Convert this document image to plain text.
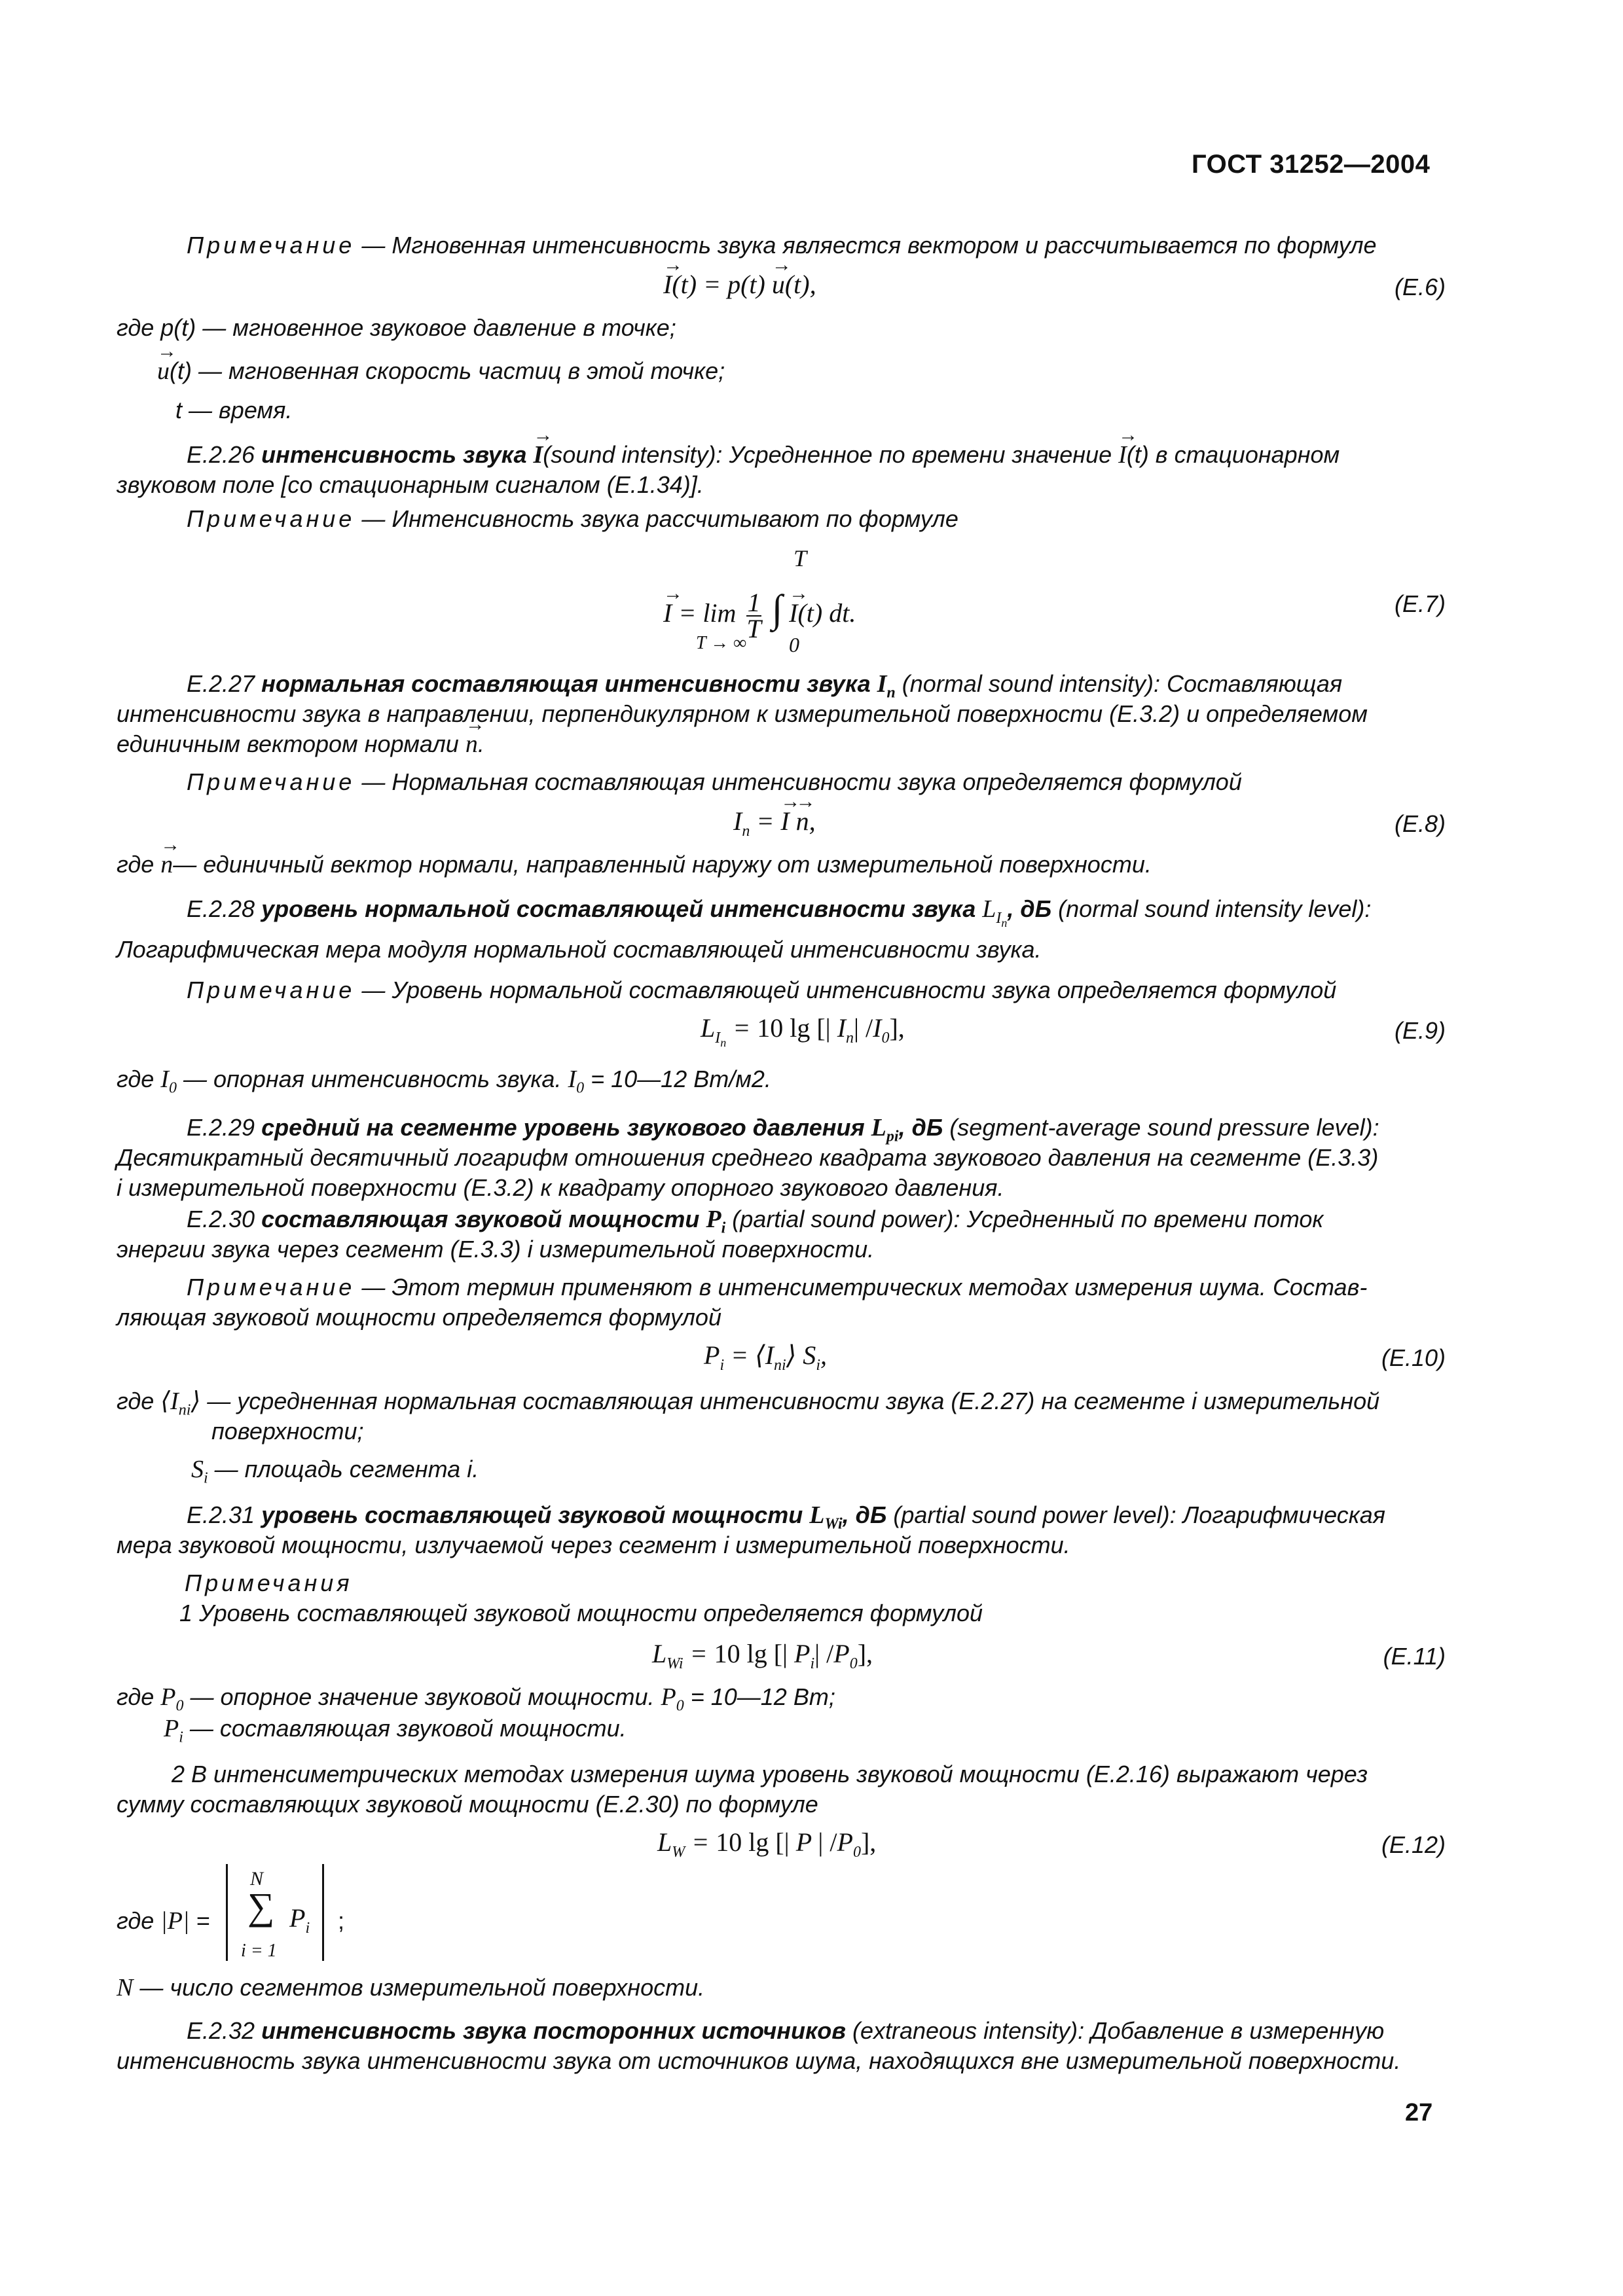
ГОСТ 31252—2004
Примечание — Мгновенная интенсивность звука являестся вектором и рассчитывается по формуле
→ I(t) = p(t) → u(t),	(E.6)
где p(t) — мгновенное звуковое давление в точке;
→ u(t) — мгновенная скорость частиц в этой точке;
t — время.
E.2.26 интенсивность звука → I(sound intensity): Усредненное по времени значение → I(t) в стационарном
звуковом поле [со стационарным сигналом (E.1.34)].
Примечание — Интенсивность звука рассчитывают по формуле
T
→ $I = \lim \frac{1}{T}$ ∫ → I(t) dt.
T → ∞ 0
(E.7)
E.2.27 нормальная составляющая интенсивности звука $I_n$ (normal sound intensity): Составляющая
интенсивности звука в направлении, перпендикулярном к измерительной поверхности (E.3.2) и определяемом
единичным вектором нормали → n.
Примечание — Нормальная составляющая интенсивности звука определяется формулой
$I_n$ = → I → n,	(E.8)
где → n— единичный вектор нормали, направленный наружу от измерительной поверхности.
E.2.28 уровень нормальной составляющей интенсивности звука $L_{I_n}$, дБ (normal sound intensity level):
Логарифмическая мера модуля нормальной составляющей интенсивности звука.
Примечание — Уровень нормальной составляющей интенсивности звука определяется формулой
$L_{I_n} = 10$ lg [| $I_n|$ $/I_0$],	(E.9)
где $I_0$ — опорная интенсивность звука. $I_0$ = 10—12 Вт/м2.
E.2.29 средний на сегменте уровень звукового давления $L_{pi}$, дБ (segment-average sound pressure level):
Десятикратный десятичный логарифм отношения среднего квадрата звукового давления на сегменте (E.3.3)
i измерительной поверхности (E.3.2) к квадрату опорного звукового давления.
E.2.30 составляющая звуковой мощности $P_i$ (partial sound power): Усредненный по времени поток
энергии звука через сегмент (E.3.3) i измерительной поверхности.
Примечание — Этот термин применяют в интенсиметрических методах измерения шума. Состав-
ляющая звуковой мощности определяется формулой
$P_i$ = $⟨I_{ni}⟩$ $S_i$,	(E.10)
где $⟨I_{ni}⟩$ — усредненная нормальная составляющая интенсивности звука (E.2.27) на сегменте i измерительной
поверхности;
$S_i$ — площадь сегмента i.
E.2.31 уровень составляющей звуковой мощности $L_{Wi}$, дБ (partial sound power level): Логарифмическая
мера звуковой мощности, излучаемой через сегмент i измерительной поверхности.
Примечания
1 Уровень составляющей звуковой мощности определяется формулой
$L_{Wi} = 10$ lg [| $P_i|$ $/P_0$],	(E.11)
где $P_0$ — опорное значение звуковой мощности. $P_0$ = 10—12 Вт;
$P_i$ — составляющая звуковой мощности.
2 В интенсиметрических методах измерения шума уровень звуковой мощности (E.2.16) выражают через
сумму составляющих звуковой мощности (E.2.30) по формуле
$L_W = 10$ lg [| P | $/P_0$],	(E.12)
где |P| =
N
∑ $P_i$
i = 1
;
N — число сегментов измерительной поверхности.
E.2.32 интенсивность звука посторонних источников (extraneous intensity): Добавление в измеренную
интенсивность звука интенсивности звука от источников шума, находящихся вне измерительной поверхности.
27
